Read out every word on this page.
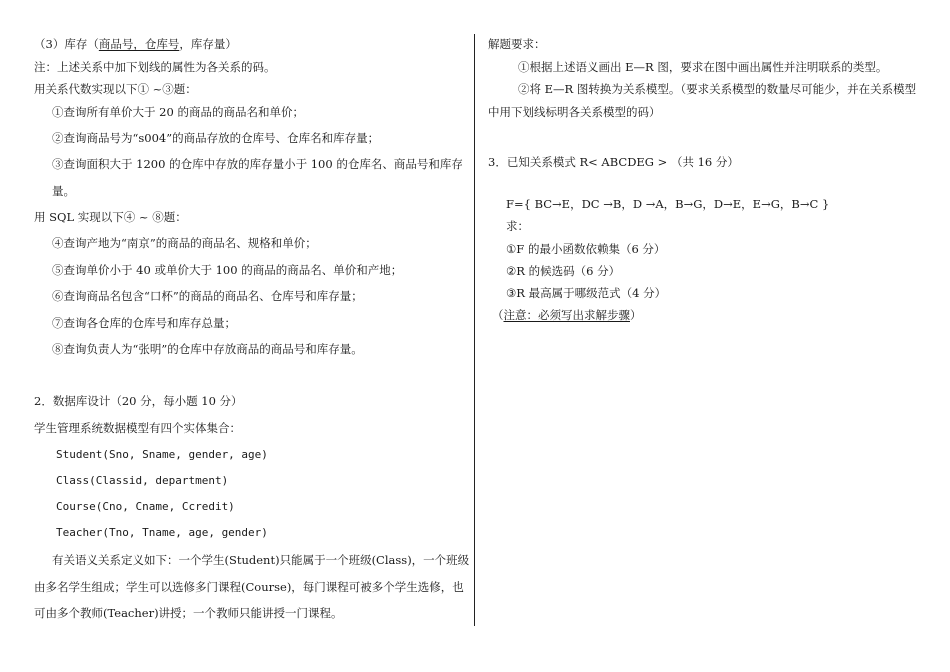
（3）库存（商品号，仓库号，库存量）
注：上述关系中加下划线的属性为各关系的码。
用关系代数实现以下① ~③题：
①查询所有单价大于 20 的商品的商品名和单价；
②查询商品号为“s004”的商品存放的仓库号、仓库名和库存量；
③查询面积大于 1200 的仓库中存放的库存量小于 100 的仓库名、商品号和库存
量。
用 SQL 实现以下④ ~ ⑧题：
④查询产地为“南京”的商品的商品名、规格和单价；
⑤查询单价小于 40 或单价大于 100 的商品的商品名、单价和产地；
⑥查询商品名包含“口杯”的商品的商品名、仓库号和库存量；
⑦查询各仓库的仓库号和库存总量；
⑧查询负责人为“张明”的仓库中存放商品的商品号和库存量。
2．数据库设计（20 分，每小题 10 分）
学生管理系统数据模型有四个实体集合：
Student(Sno, Sname, gender, age)
Class(Classid, department)
Course(Cno, Cname, Ccredit)
Teacher(Tno, Tname, age, gender)
有关语义关系定义如下：一个学生(Student)只能属于一个班级(Class)，一个班级
由多名学生组成；学生可以选修多门课程(Course)，每门课程可被多个学生选修，也
可由多个教师(Teacher)讲授；一个教师只能讲授一门课程。
解题要求：
①根据上述语义画出 E—R 图，要求在图中画出属性并注明联系的类型。
②将 E—R 图转换为关系模型。（要求关系模型的数量尽可能少，并在关系模型
中用下划线标明各关系模型的码）
3．已知关系模式 R< ABCDEG > （共 16 分）
F={ BC→E，DC →B，D →A，B→G，D→E，E→G，B→C }
求：
①F 的最小函数依赖集（6 分）
②R 的候选码（6 分）
③R 最高属于哪级范式（4 分）
（注意：必须写出求解步骤）
